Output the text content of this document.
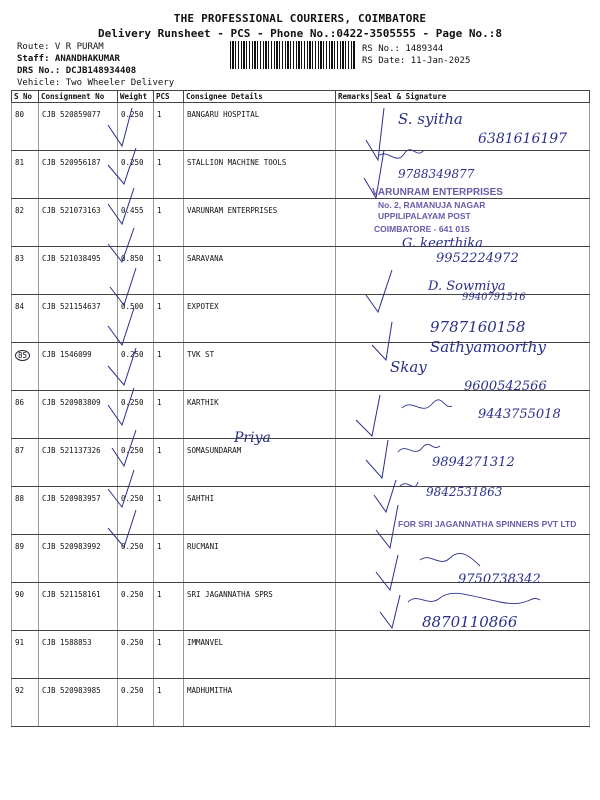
THE PROFESSIONAL COURIERS, COIMBATORE
Delivery Runsheet - PCS - Phone No.:0422-3505555 - Page No.:8
Route: V R PURAM
Staff: ANANDHAKUMAR
DRS No.: DCJB148934408
Vehicle: Two Wheeler Delivery
RS No.: 1489344
RS Date: 11-Jan-2025
S No	Consignment No	Weight	PCS	Consignee Details	Remarks	Seal & Signature
80	CJB 520859077	0.250	1	BANGARU HOSPITAL		
81	CJB 520956187	0.250	1	STALLION MACHINE TOOLS		
82	CJB 521073163	0.455	1	VARUNRAM ENTERPRISES		
83	CJB 521038495	0.850	1	SARAVANA		
84	CJB 521154637	0.500	1	EXPOTEX		
85	CJB 1546099	0.250	1	TVK ST		
86	CJB 520983809	0.250	1	KARTHIK		
87	CJB 521137326	0.250	1	SOMASUNDARAM		
88	CJB 520983957	0.250	1	SAHTHI		
89	CJB 520983992	0.250	1	RUCMANI		
90	CJB 521158161	0.250	1	SRI JAGANNATHA SPRS		
91	CJB 1588853	0.250	1	IMMANVEL		
92	CJB 520983985	0.250	1	MADHUMITHA		
S. syitha
6381616197
9788349877
VARUNRAM ENTERPRISES
No. 2, RAMANUJA NAGAR
UPPILIPALAYAM POST
COIMBATORE - 641 015
G. keerthika
9952224972
D. Sowmiya
9940791516
9787160158
Sathyamoorthy
Skay
9600542566
9443755018
Priya
9894271312
9842531863
FOR SRI JAGANNATHA SPINNERS PVT LTD
9750738342
8870110866
